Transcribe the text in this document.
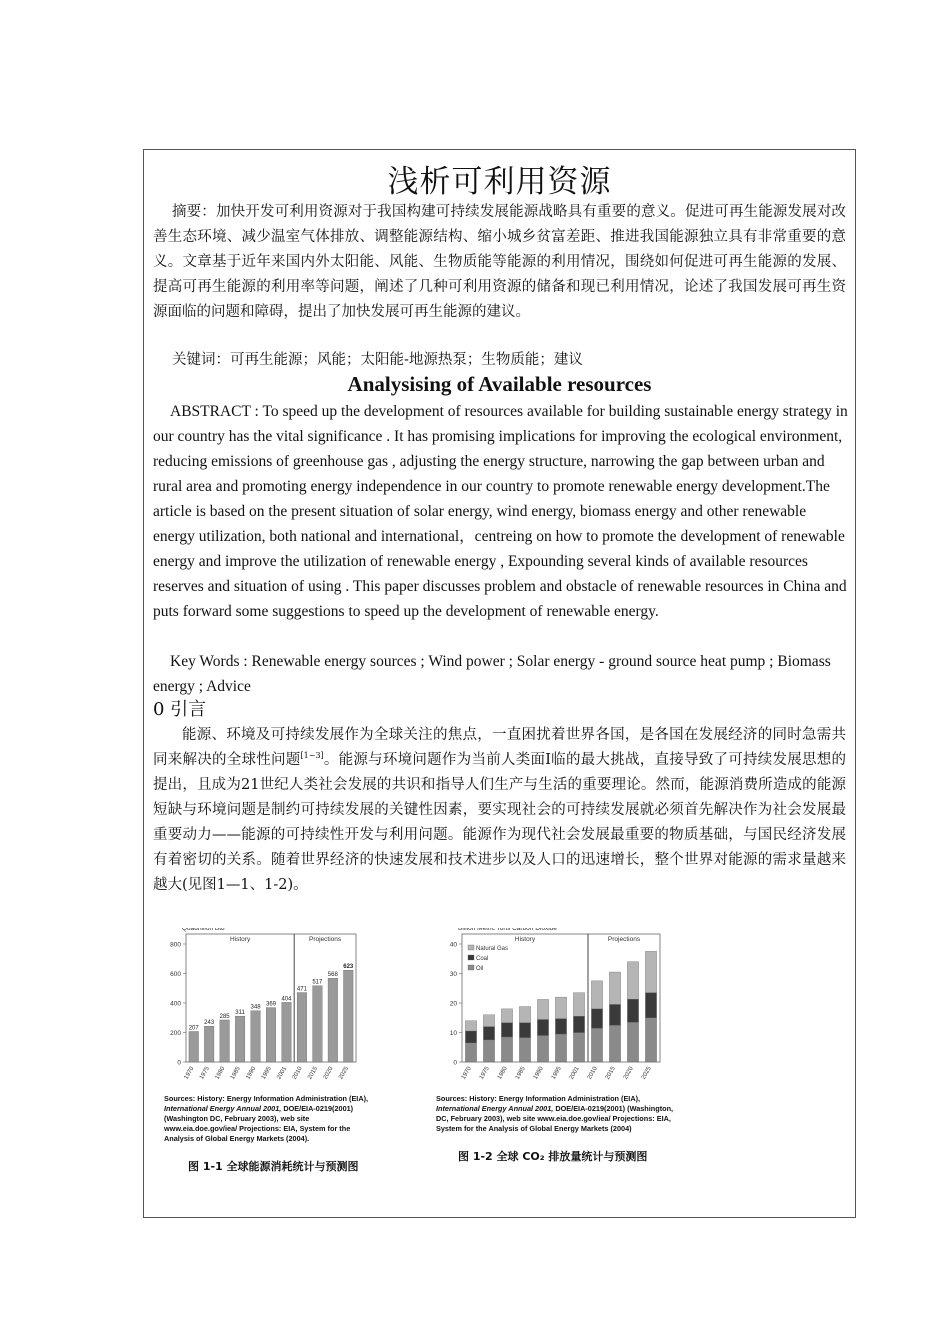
浅析可利用资源
摘要：加快开发可利用资源对于我国构建可持续发展能源战略具有重要的意义。促进可再生能源发展对改善生态环境、减少温室气体排放、调整能源结构、缩小城乡贫富差距、推进我国能源独立具有非常重要的意义。文章基于近年来国内外太阳能、风能、生物质能等能源的利用情况，围绕如何促进可再生能源的发展、提高可再生能源的利用率等问题，阐述了几种可利用资源的储备和现已利用情况，论述了我国发展可再生资源面临的问题和障碍，提出了加快发展可再生能源的建议。
关键词：可再生能源；风能；太阳能-地源热泵；生物质能；建议
Analysising of Available resources
ABSTRACT : To speed up the development of resources available for building sustainable energy strategy in our country has the vital significance . It has promising implications for improving the ecological environment, reducing emissions of greenhouse gas , adjusting the energy structure, narrowing the gap between urban and rural area and promoting energy independence in our country to promote renewable energy development.The article is based on the present situation of solar energy, wind energy, biomass energy and other renewable energy utilization, both national and international，centreing on how to promote the development of renewable energy and improve the utilization of renewable energy , Expounding several kinds of available resources reserves and situation of using . This paper discusses problem and obstacle of renewable resources in China and puts forward some suggestions to speed up the development of renewable energy.
Key Words : Renewable energy sources ; Wind power ; Solar energy - ground source heat pump ; Biomass energy ; Advice
0 引言
能源、环境及可持续发展作为全球关注的焦点，一直困扰着世界各国，是各国在发展经济的同时急需共同来解决的全球性问题[1~3]。能源与环境问题作为当前人类面I临的最大挑战，直接导致了可持续发展思想的提出，且成为21世纪人类社会发展的共识和指导人们生产与生活的重要理论。然而，能源消费所造成的能源短缺与环境问题是制约可持续发展的关键性因素，要实现社会的可持续发展就必须首先解决作为社会发展最重要动力——能源的可持续性开发与利用问题。能源作为现代社会发展最重要的物质基础，与国民经济发展有着密切的关系。随着世界经济的快速发展和技术进步以及人口的迅速增长，整个世界对能源的需求量越来越大(见图1—1、1-2)。
Quadrillion Btu
History	Projections
0
200
400
600
800
207
1970
243
1975
285
1980
311
1985
348
1990
369
1995
404
2001
471
2010
517
2015
568
2020
623
2025
Sources: History: Energy Information Administration (EIA), International Energy Annual 2001, DOE/EIA-0219(2001) (Washington DC, February 2003), web site www.eia.doe.gov/iea/ Projections: EIA, System for the Analysis of Global Energy Markets (2004).
图 1-1 全球能源消耗统计与预测图
Billion Metric Tons Carbon Dioxide
History	Projections
0
10
20
30
40
1970 1975 1980 1985 1990 1995 2001 2010 2015 2020 2025
Natural Gas
Coal
Oil
Sources: History: Energy Information Administration (EIA), International Energy Annual 2001, DOE/EIA-0219(2001) (Washington, DC, February 2003), web site www.eia.doe.gov/iea/ Projections: EIA, System for the Analysis of Global Energy Markets (2004)
图 1-2 全球 CO₂ 排放量统计与预测图
